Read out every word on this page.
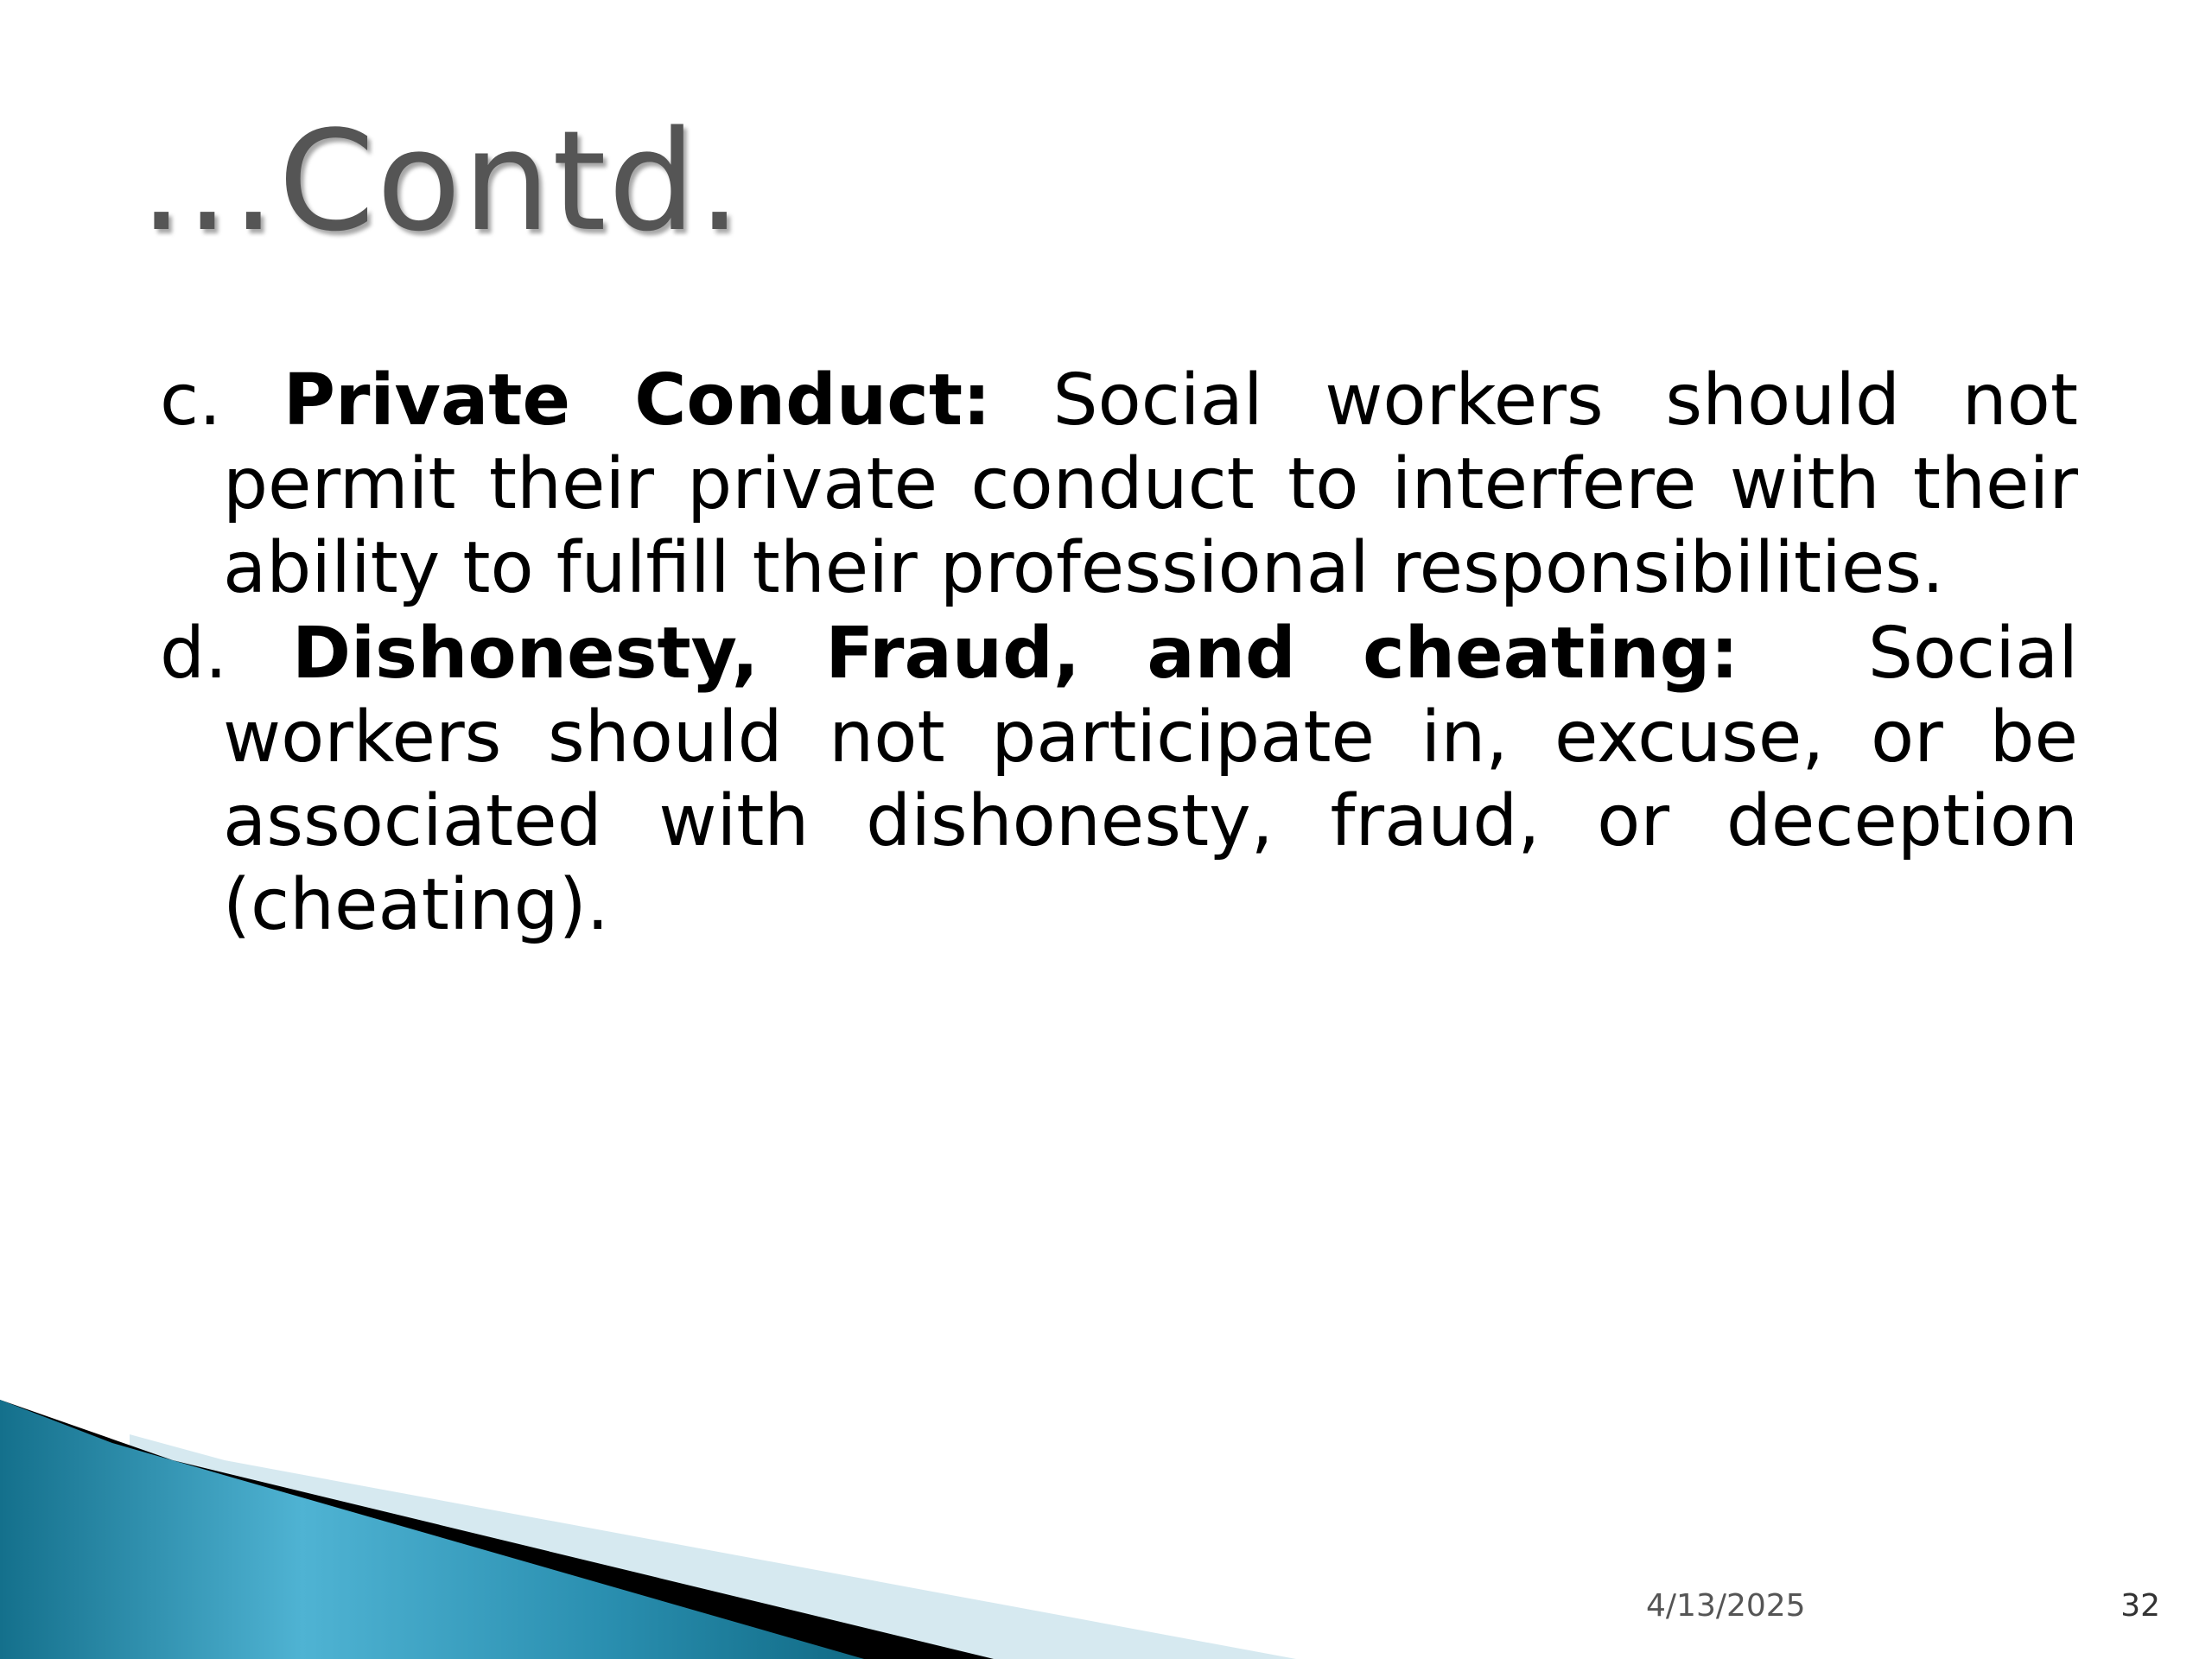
…Contd.

c. Private Conduct: Social workers should not permit their private conduct to interfere with their ability to fulfill their professional responsibilities.

d. Dishonesty, Fraud, and cheating: Social workers should not participate in, excuse, or be associated with dishonesty, fraud, or deception (cheating).

4/13/2025	32
